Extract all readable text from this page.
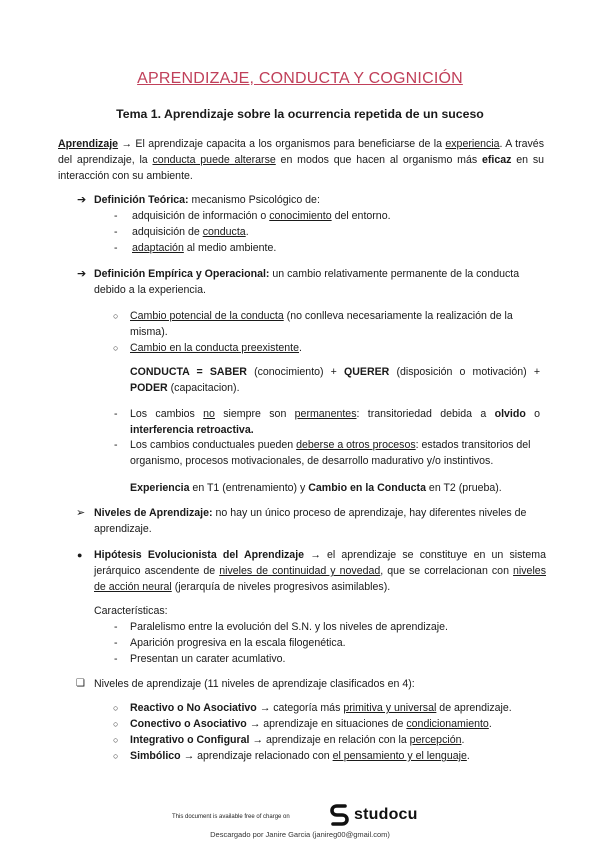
APRENDIZAJE, CONDUCTA Y COGNICIÓN
Tema 1. Aprendizaje sobre la ocurrencia repetida de un suceso
Aprendizaje → El aprendizaje capacita a los organismos para beneficiarse de la experiencia. A través del aprendizaje, la conducta puede alterarse en modos que hacen al organismo más eficaz en su interacción con su ambiente.
➔ Definición Teórica: mecanismo Psicológico de:
- adquisición de información o conocimiento del entorno.
- adquisición de conducta.
- adaptación al medio ambiente.
➔ Definición Empírica y Operacional: un cambio relativamente permanente de la conducta debido a la experiencia.
○ Cambio potencial de la conducta (no conlleva necesariamente la realización de la misma).
○ Cambio en la conducta preexistente.
CONDUCTA = SABER (conocimiento) + QUERER (disposición o motivación) + PODER (capacitacion).
- Los cambios no siempre son permanentes: transitoriedad debida a olvido o interferencia retroactiva.
- Los cambios conductuales pueden deberse a otros procesos: estados transitorios del organismo, procesos motivacionales, de desarrollo madurativo y/o instintivos.
Experiencia en T1 (entrenamiento) y Cambio en la Conducta en T2 (prueba).
➢ Niveles de Aprendizaje: no hay un único proceso de aprendizaje, hay diferentes niveles de aprendizaje.
● Hipótesis Evolucionista del Aprendizaje → el aprendizaje se constituye en un sistema jerárquico ascendente de niveles de continuidad y novedad, que se correlacionan con niveles de acción neural (jerarquía de niveles progresivos asimilables).
Características:
- Paralelismo entre la evolución del S.N. y los niveles de aprendizaje.
- Aparición progresiva en la escala filogenética.
- Presentan un carater acumlativo.
❏ Niveles de aprendizaje (11 niveles de aprendizaje clasificados en 4):
○ Reactivo o No Asociativo → categoría más primitiva y universal de aprendizaje.
○ Conectivo o Asociativo → aprendizaje en situaciones de condicionamiento.
○ Integrativo o Configural → aprendizaje en relación con la percepción.
○ Simbólico → aprendizaje relacionado con el pensamiento y el lenguaje.
This document is available free of charge on	studocu
Descargado por Janire Garcia (janireg00@gmail.com)
